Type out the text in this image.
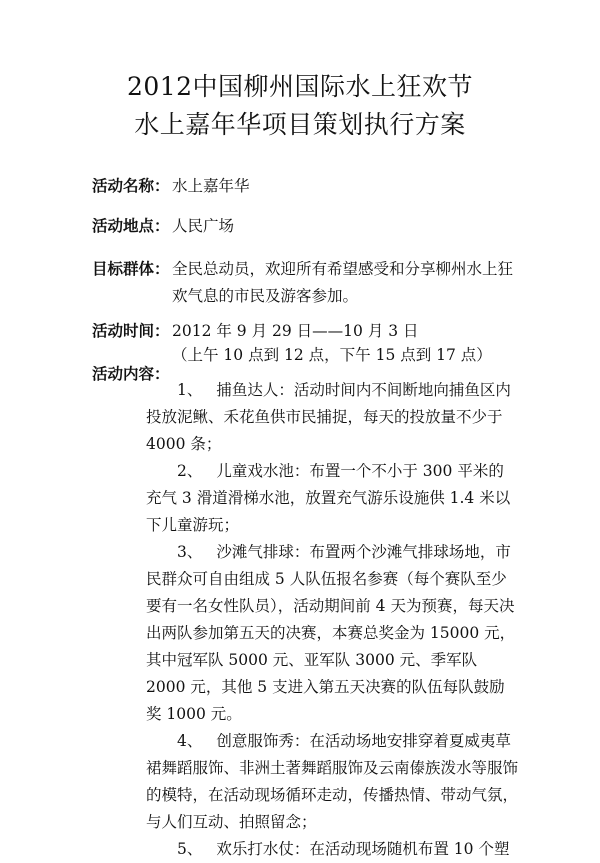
2012中国柳州国际水上狂欢节
水上嘉年华项目策划执行方案
活动名称： 水上嘉年华
活动地点： 人民广场
目标群体： 全民总动员，欢迎所有希望感受和分享柳州水上狂欢气息的市民及游客参加。
活动时间： 2012 年 9 月 29 日——10 月 3 日
（上午 10 点到 12 点，下午 15 点到 17 点）
活动内容：

1、 捕鱼达人：活动时间内不间断地向捕鱼区内投放泥鳅、禾花鱼供市民捕捉，每天的投放量不少于 4000 条；

2、 儿童戏水池：布置一个不小于 300 平米的充气 3 滑道滑梯水池，放置充气游乐设施供 1.4 米以下儿童游玩；

3、 沙滩气排球：布置两个沙滩气排球场地，市民群众可自由组成 5 人队伍报名参赛（每个赛队至少要有一名女性队员），活动期间前 4 天为预赛，每天决出两队参加第五天的决赛，本赛总奖金为 15000 元，其中冠军队 5000 元、亚军队 3000 元、季军队 2000 元，其他 5 支进入第五天决赛的队伍每队鼓励奖 1000 元。

4、 创意服饰秀：在活动场地安排穿着夏威夷草裙舞蹈服饰、非洲土著舞蹈服饰及云南傣族泼水等服饰的模特，在活动现场循环走动，传播热情、带动气氛，与人们互动、拍照留念；

5、 欢乐打水仗：在活动现场随机布置 10 个塑
